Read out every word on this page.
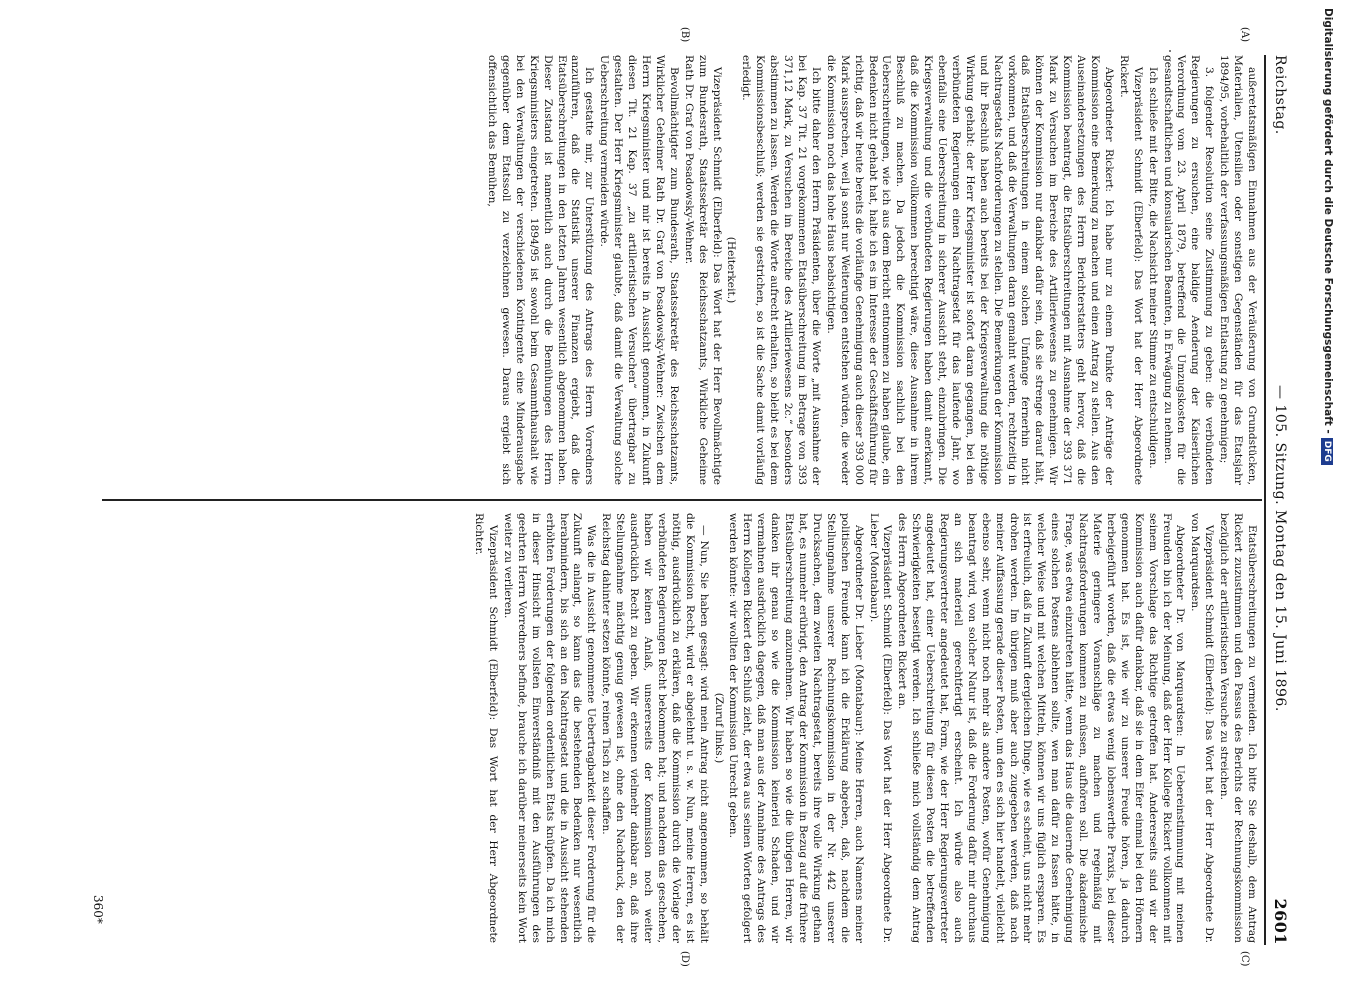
Reichstag.
— 105. Sitzung. Montag den 15. Juni 1896.
2601

außeretatsmäßigen Einnahmen aus der Veräußerung von Grundstücken, Materialien, Utensilien oder sonstigen Gegenständen für das Etatsjahr 1894/95, vorbehaltlich der verfassungsmäßigen Entlastung zu genehmigen;

3. folgender Resolution seine Zustimmung zu geben: die verbündeten Regierungen zu ersuchen, eine baldige Aenderung der Kaiserlichen Verordnung vom 23. April 1879, betreffend die Umzugskosten für die gesandtschaftlichen und konsularischen Beamten, in Erwägung zu nehmen.

Ich schließe mit der Bitte, die Nachsicht meiner Stimme zu entschuldigen.

Vizepräsident Schmidt (Elberfeld): Das Wort hat der Herr Abgeordnete Rickert.

Abgeordneter Rickert: Ich habe nur zu einem Punkte der Anträge der Kommission eine Bemerkung zu machen und einen Antrag zu stellen. Aus den Auseinandersetzungen des Herrn Berichterstatters geht hervor, daß die Kommission beantragt, die Etatsüberschreitungen mit Ausnahme der 393 371 Mark zu Versuchen im Bereiche des Artilleriewesens zu genehmigen. Wir können der Kommission nur dankbar dafür sein, daß sie strenge darauf hält, daß Etatsüberschreitungen in einem solchen Umfange fernerhin nicht vorkommen, und daß die Verwaltungen daran gemahnt werden, rechtzeitig in Nachtragsetats Nachforderungen zu stellen. Die Bemerkungen der Kommission und ihr Beschluß haben auch bereits bei der Kriegsverwaltung die nöthige Wirkung gehabt: der Herr Kriegsminister ist sofort daran gegangen, bei den verbündeten Regierungen einen Nachtragsetat für das laufende Jahr, wo ebenfalls eine Ueberschreitung in sicherer Aussicht steht, einzubringen. Die Kriegsverwaltung und die verbündeten Regierungen haben damit anerkannt, daß die Kommission vollkommen berechtigt wäre, diese Ausnahme in ihrem Beschluß zu machen. Da jedoch die Kommission sachlich bei den Ueberschreitungen, wie ich aus dem Bericht entnommen zu haben glaube, ein Bedenken nicht gehabt hat, halte ich es im Interesse der Geschäftsführung für richtig, daß wir heute bereits die vorläufige Genehmigung auch dieser 393 000 Mark aussprechen, weil ja sonst nur Weiterungen entstehen würden, die weder die Kommission noch das hohe Haus beabsichtigen.

Ich bitte daher den Herrn Präsidenten, über die Worte „mit Ausnahme der bei Kap. 37 Tit. 21 vorgekommenen Etatsüberschreitung im Betrage von 393 371,12 Mark, zu Versuchen im Bereiche des Artilleriewesens 2c.“ besonders abstimmen zu lassen. Werden die Worte aufrecht erhalten, so bleibt es bei dem Kommissionsbeschluß; werden sie gestrichen, so ist die Sache damit vorläufig erledigt.

(Heiterkeit.)

Vizepräsident Schmidt (Elberfeld): Das Wort hat der Herr Bevollmächtigte zum Bundesrath, Staatssekretär des Reichsschatzamts, Wirkliche Geheime Rath Dr. Graf von Posadowsky-Wehner.

Bevollmächtigter zum Bundesrath, Staatssekretär des Reichsschatzamts, Wirklicher Geheimer Rath Dr. Graf von Posadowsky-Wehner: Zwischen dem Herrn Kriegsminister und mir ist bereits in Aussicht genommen, in Zukunft diesen Tit. 21 Kap. 37 „zu artilleristischen Versuchen“ übertragbar zu gestalten. Der Herr Kriegsminister glaubte, daß damit die Verwaltung solche Ueberschreitung vermeiden würde.

Ich gestatte mir, zur Unterstützung des Antrags des Herrn Vorredners anzuführen, daß die Statistik unserer Finanzen ergiebt, daß die Etatsüberschreitungen in den letzten Jahren wesentlich abgenommen haben. Dieser Zustand ist namentlich auch durch die Bemühungen des Herrn Kriegsministers eingetreten. 1894/95 ist sowohl beim Gesammthaushalt wie bei den Verwaltungen der verschiedenen Kontingente eine Minderausgabe gegenüber dem Etatssoll zu verzeichnen gewesen. Daraus ergiebt sich offensichtlich das Bemühen,

Etatsüberschreitungen zu vermeiden. Ich bitte Sie deshalb, dem Antrag Rickert zuzustimmen und den Passus des Berichts der Rechnungskommission bezüglich der artilleristischen Versuche zu streichen.

Vizepräsident Schmidt (Elberfeld): Das Wort hat der Herr Abgeordnete Dr. von Marquardsen.

Abgeordneter Dr. von Marquardsen: In Uebereinstimmung mit meinen Freunden bin ich der Meinung, daß der Herr Kollege Rickert vollkommen mit seinem Vorschlage das Richtige getroffen hat. Andererseits sind wir der Kommission auch dafür dankbar, daß sie in dem Eifer einmal bei den Hörnern genommen hat. Es ist, wie wir zu unserer Freude hören, ja dadurch herbeigeführt worden, daß die etwas wenig lobenswerthe Praxis, bei dieser Materie geringere Voranschläge zu machen und regelmäßig mit Nachtragsforderungen kommen zu müssen, aufhören soll. Die akademische Frage, was etwa einzutreten hätte, wenn das Haus die dauernde Genehmigung eines solchen Postens ablehnen sollte, wen man dafür zu fassen hätte, in welcher Weise und mit welchen Mitteln, können wir uns füglich ersparen. Es ist erfreulich, daß in Zukunft dergleichen Dinge, wie es scheint, uns nicht mehr drohen werden. Im übrigen muß aber auch zugegeben werden, daß nach meiner Auffassung gerade dieser Posten, um den es sich hier handelt, vielleicht ebenso sehr, wenn nicht noch mehr als andere Posten, wofür Genehmigung beantragt wird, von solcher Natur ist, daß die Forderung dafür mir durchaus an sich materiell gerechtfertigt erscheint. Ich würde also auch Regierungsvertreter angedeutet hat, Form, wie der Herr Regierungsvertreter angedeutet hat, einer Ueberschreitung für diesen Posten die betreffenden Schwierigkeiten beseitigt werden. Ich schließe mich vollständig dem Antrag des Herrn Abgeordneten Rickert an.

Vizepräsident Schmidt (Elberfeld): Das Wort hat der Herr Abgeordnete Dr. Lieber (Montabaur).

Abgeordneter Dr. Lieber (Montabaur): Meine Herren, auch Namens meiner politischen Freunde kann ich die Erklärung abgeben, daß, nachdem die Stellungnahme unserer Rechnungskommission in der Nr. 442 unserer Drucksachen, dem zweiten Nachtragsetat, bereits ihre volle Wirkung gethan hat, es nunmehr erübrigt, den Antrag der Kommission in Bezug auf die frühere Etatsüberschreitung anzunehmen. Wir haben so wie die übrigen Herren, wir danken ihr genau so wie die Kommission keinerlei Schaden, und wir vermahnen ausdrücklich dagegen, daß man aus der Annahme des Antrags des Herrn Kollegen Rickert den Schluß zieht, der etwa aus seinen Worten gefolgert werden könnte: wir wollten der Kommission Unrecht geben.

(Zuruf links.)

— Nun, Sie haben gesagt: wird mein Antrag nicht angenommen, so behält die Kommission Recht, wird er abgelehnt u. s. w. Nun, meine Herren, es ist nöthig, ausdrücklich zu erklären, daß die Kommission durch die Vorlage der verbündeten Regierungen Recht bekommen hat; und nachdem das geschehen, haben wir keinen Anlaß, unsererseits der Kommission noch weiter ausdrücklich Recht zu geben. Wir erkennen vielmehr dankbar an, daß ihre Stellungnahme mächtig genug gewesen ist, ohne den Nachdruck, den der Reichstag dahinter setzen könnte, reinen Tisch zu schaffen.

Was die in Aussicht genommene Uebertragbarkeit dieser Forderung für die Zukunft anlangt, so kann das die bestehenden Bedenken nur wesentlich herabmindern, bis sich an den Nachtragsetat und die in Aussicht stehenden erhöhten Forderungen der folgenden ordentlichen Etats knüpfen. Da ich mich in dieser Hinsicht im vollsten Einverständniß mit den Ausführungen des geehrten Herrn Vorredners befinde, brauche ich darüber meinerseits kein Wort weiter zu verlieren.

Vizepräsident Schmidt (Elberfeld): Das Wort hat der Herr Abgeordnete Richter.

(A)
(B)
(C)
(D)
360*
Digitalisierung gefördert durch die Deutsche Forschungsgemeinschaft -DFG
